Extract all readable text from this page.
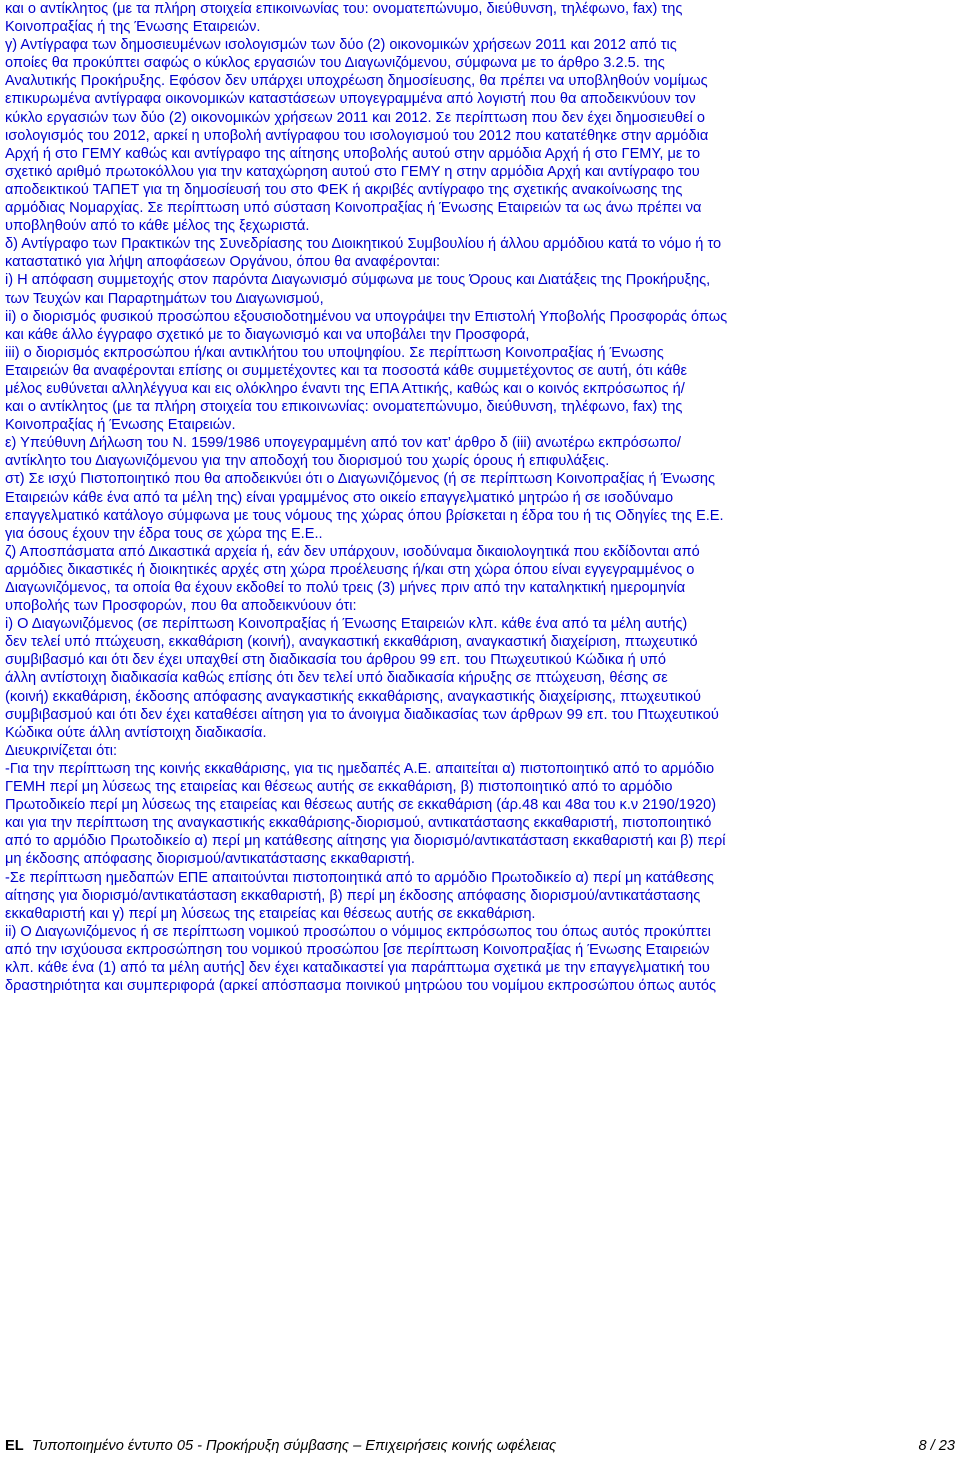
και ο αντίκλητος (με τα πλήρη στοιχεία επικοινωνίας του: ονοματεπώνυμο, διεύθυνση, τηλέφωνο, fax) της
Κοινοπραξίας ή της Ένωσης Εταιρειών.
γ) Αντίγραφα των δημοσιευμένων ισολογισμών των δύο (2) οικονομικών χρήσεων 2011 και 2012 από τις
οποίες θα προκύπτει σαφώς ο κύκλος εργασιών του Διαγωνιζόμενου, σύμφωνα με το άρθρο 3.2.5. της
Αναλυτικής Προκήρυξης. Εφόσον δεν υπάρχει υποχρέωση δημοσίευσης, θα πρέπει να υποβληθούν νομίμως
επικυρωμένα αντίγραφα οικονομικών καταστάσεων υπογεγραμμένα από λογιστή που θα αποδεικνύουν τον
κύκλο εργασιών των δύο (2) οικονομικών χρήσεων 2011 και 2012. Σε περίπτωση που δεν έχει δημοσιευθεί ο
ισολογισμός του 2012, αρκεί η υποβολή αντίγραφου του ισολογισμού του 2012 που κατατέθηκε στην αρμόδια
Αρχή ή στο ΓΕΜΥ καθώς και αντίγραφο της αίτησης υποβολής αυτού στην αρμόδια Αρχή ή στο ΓΕΜΥ, με το
σχετικό αριθμό πρωτοκόλλου για την καταχώρηση αυτού στο ΓΕΜΥ η στην αρμόδια Αρχή και αντίγραφο του
αποδεικτικού ΤΑΠΕΤ για τη δημοσίευσή του στο ΦΕΚ ή ακριβές αντίγραφο της σχετικής ανακοίνωσης της
αρμόδιας Νομαρχίας. Σε περίπτωση υπό σύσταση Κοινοπραξίας ή Ένωσης Εταιρειών τα ως άνω πρέπει να
υποβληθούν από το κάθε μέλος της ξεχωριστά.
δ) Αντίγραφο των Πρακτικών της Συνεδρίασης του Διοικητικού Συμβουλίου ή άλλου αρμόδιου κατά το νόμο ή το
καταστατικό για λήψη αποφάσεων Οργάνου, όπου θα αναφέρονται:
i) Η απόφαση συμμετοχής στον παρόντα Διαγωνισμό σύμφωνα με τους Όρους και Διατάξεις της Προκήρυξης,
των Τευχών και Παραρτημάτων του Διαγωνισμού,
ii) ο διορισμός φυσικού προσώπου εξουσιοδοτημένου να υπογράψει την Επιστολή Υποβολής Προσφοράς όπως
και κάθε άλλο έγγραφο σχετικό με το διαγωνισμό και να υποβάλει την Προσφορά,
iii) ο διορισμός εκπροσώπου ή/και αντικλήτου του υποψηφίου. Σε περίπτωση Κοινοπραξίας ή Ένωσης
Εταιρειών θα αναφέρονται επίσης οι συμμετέχοντες και τα ποσοστά κάθε συμμετέχοντος σε αυτή, ότι κάθε
μέλος ευθύνεται αλληλέγγυα και εις ολόκληρο έναντι της ΕΠΑ Αττικής, καθώς και ο κοινός εκπρόσωπος ή/
και ο αντίκλητος (με τα πλήρη στοιχεία του επικοινωνίας: ονοματεπώνυμο, διεύθυνση, τηλέφωνο, fax) της
Κοινοπραξίας ή Ένωσης Εταιρειών.
ε) Υπεύθυνη Δήλωση του Ν. 1599/1986 υπογεγραμμένη από τον κατ’ άρθρο δ (iii) ανωτέρω εκπρόσωπο/
αντίκλητο του Διαγωνιζόμενου για την αποδοχή του διορισμού του χωρίς όρους ή επιφυλάξεις.
στ) Σε ισχύ Πιστοποιητικό που θα αποδεικνύει ότι ο Διαγωνιζόμενος (ή σε περίπτωση Κοινοπραξίας ή Ένωσης
Εταιρειών κάθε ένα από τα μέλη της) είναι γραμμένος στο οικείο επαγγελματικό μητρώο ή σε ισοδύναμο
επαγγελματικό κατάλογο σύμφωνα με τους νόμους της χώρας όπου βρίσκεται η έδρα του ή τις Οδηγίες της Ε.Ε.
για όσους έχουν την έδρα τους σε χώρα της Ε.Ε..
ζ) Αποσπάσματα από Δικαστικά αρχεία ή, εάν δεν υπάρχουν, ισοδύναμα δικαιολογητικά που εκδίδονται από
αρμόδιες δικαστικές ή διοικητικές αρχές στη χώρα προέλευσης ή/και στη χώρα όπου είναι εγγεγραμμένος ο
Διαγωνιζόμενος, τα οποία θα έχουν εκδοθεί το πολύ τρεις (3) μήνες πριν από την καταληκτική ημερομηνία
υποβολής των Προσφορών, που θα αποδεικνύουν ότι:
i) Ο Διαγωνιζόμενος (σε περίπτωση Κοινοπραξίας ή Ένωσης Εταιρειών κλπ. κάθε ένα από τα μέλη αυτής)
δεν τελεί υπό πτώχευση, εκκαθάριση (κοινή), αναγκαστική εκκαθάριση, αναγκαστική διαχείριση, πτωχευτικό
συμβιβασμό και ότι δεν έχει υπαχθεί στη διαδικασία του άρθρου 99 επ. του Πτωχευτικού Κώδικα ή υπό
άλλη αντίστοιχη διαδικασία καθώς επίσης ότι δεν τελεί υπό διαδικασία κήρυξης σε πτώχευση, θέσης σε
(κοινή) εκκαθάριση, έκδοσης απόφασης αναγκαστικής εκκαθάρισης, αναγκαστικής διαχείρισης, πτωχευτικού
συμβιβασμού και ότι δεν έχει καταθέσει αίτηση για το άνοιγμα διαδικασίας των άρθρων 99 επ. του Πτωχευτικού
Κώδικα ούτε άλλη αντίστοιχη διαδικασία.
Διευκρινίζεται ότι:
-Για την περίπτωση της κοινής εκκαθάρισης, για τις ημεδαπές Α.Ε. απαιτείται α) πιστοποιητικό από το αρμόδιο
ΓΕΜΗ περί μη λύσεως της εταιρείας και θέσεως αυτής σε εκκαθάριση, β) πιστοποιητικό από το αρμόδιο
Πρωτοδικείο περί μη λύσεως της εταιρείας και θέσεως αυτής σε εκκαθάριση (άρ.48 και 48α του κ.ν 2190/1920)
και για την περίπτωση της αναγκαστικής εκκαθάρισης-διορισμού, αντικατάστασης εκκαθαριστή, πιστοποιητικό
από το αρμόδιο Πρωτοδικείο α) περί μη κατάθεσης αίτησης για διορισμό/αντικατάσταση εκκαθαριστή και β) περί
μη έκδοσης απόφασης διορισμού/αντικατάστασης εκκαθαριστή.
-Σε περίπτωση ημεδαπών ΕΠΕ απαιτούνται πιστοποιητικά από το αρμόδιο Πρωτοδικείο α) περί μη κατάθεσης
αίτησης για διορισμό/αντικατάσταση εκκαθαριστή, β) περί μη έκδοσης απόφασης διορισμού/αντικατάστασης
εκκαθαριστή και γ) περί μη λύσεως της εταιρείας και θέσεως αυτής σε εκκαθάριση.
ii) Ο Διαγωνιζόμενος ή σε περίπτωση νομικού προσώπου ο νόμιμος εκπρόσωπος του όπως αυτός προκύπτει
από την ισχύουσα εκπροσώπηση του νομικού προσώπου [σε περίπτωση Κοινοπραξίας ή Ένωσης Εταιρειών
κλπ. κάθε ένα (1) από τα μέλη αυτής] δεν έχει καταδικαστεί για παράπτωμα σχετικά με την επαγγελματική του
δραστηριότητα και συμπεριφορά (αρκεί απόσπασμα ποινικού μητρώου του νομίμου εκπροσώπου όπως αυτός
EL Τυποποιημένο έντυπο 05 - Προκήρυξη σύμβασης – Επιχειρήσεις κοινής ωφέλειας	8 / 23
